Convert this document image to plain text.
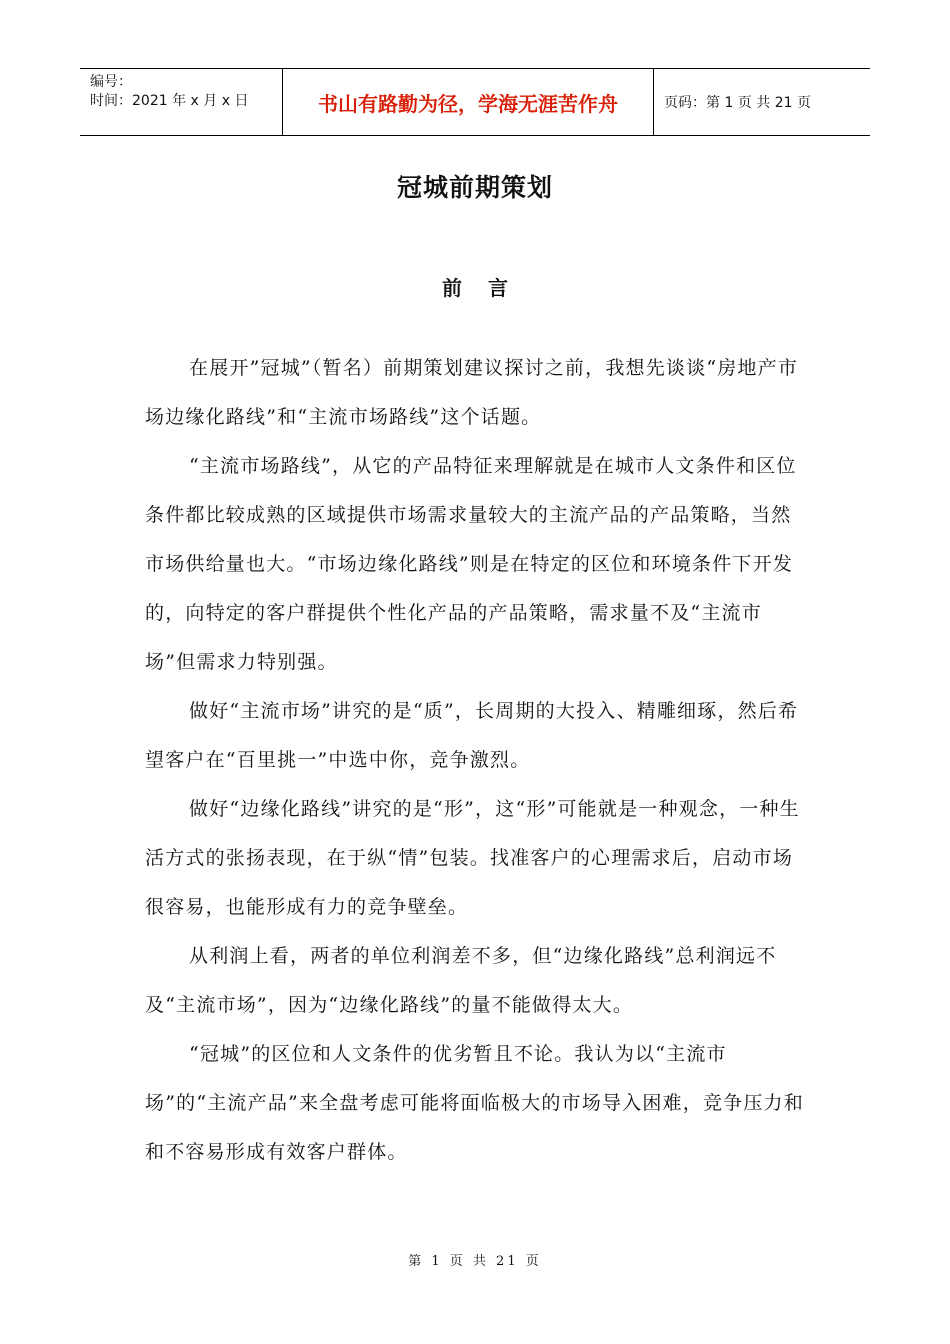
编号：
时间：2021 年 x 月 x 日	书山有路勤为径，学海无涯苦作舟	页码：第 1 页 共 21 页
冠城前期策划
前言

在展开”冠城”（暂名）前期策划建议探讨之前，我想先谈谈“房地产市场边缘化路线”和“主流市场路线”这个话题。

“主流市场路线”，从它的产品特征来理解就是在城市人文条件和区位条件都比较成熟的区域提供市场需求量较大的主流产品的产品策略，当然市场供给量也大。“市场边缘化路线”则是在特定的区位和环境条件下开发的，向特定的客户群提供个性化产品的产品策略，需求量不及“主流市场”但需求力特别强。

做好“主流市场”讲究的是“质”，长周期的大投入、精雕细琢，然后希望客户在“百里挑一”中选中你，竞争激烈。

做好“边缘化路线”讲究的是“形”，这“形”可能就是一种观念，一种生活方式的张扬表现，在于纵“情”包装。找准客户的心理需求后，启动市场很容易，也能形成有力的竞争壁垒。

从利润上看，两者的单位利润差不多，但“边缘化路线”总利润远不及“主流市场”，因为“边缘化路线”的量不能做得太大。

“冠城”的区位和人文条件的优劣暂且不论。我认为以“主流市场”的“主流产品”来全盘考虑可能将面临极大的市场导入困难，竞争压力和和不容易形成有效客户群体。

第 1 页 共 21 页
